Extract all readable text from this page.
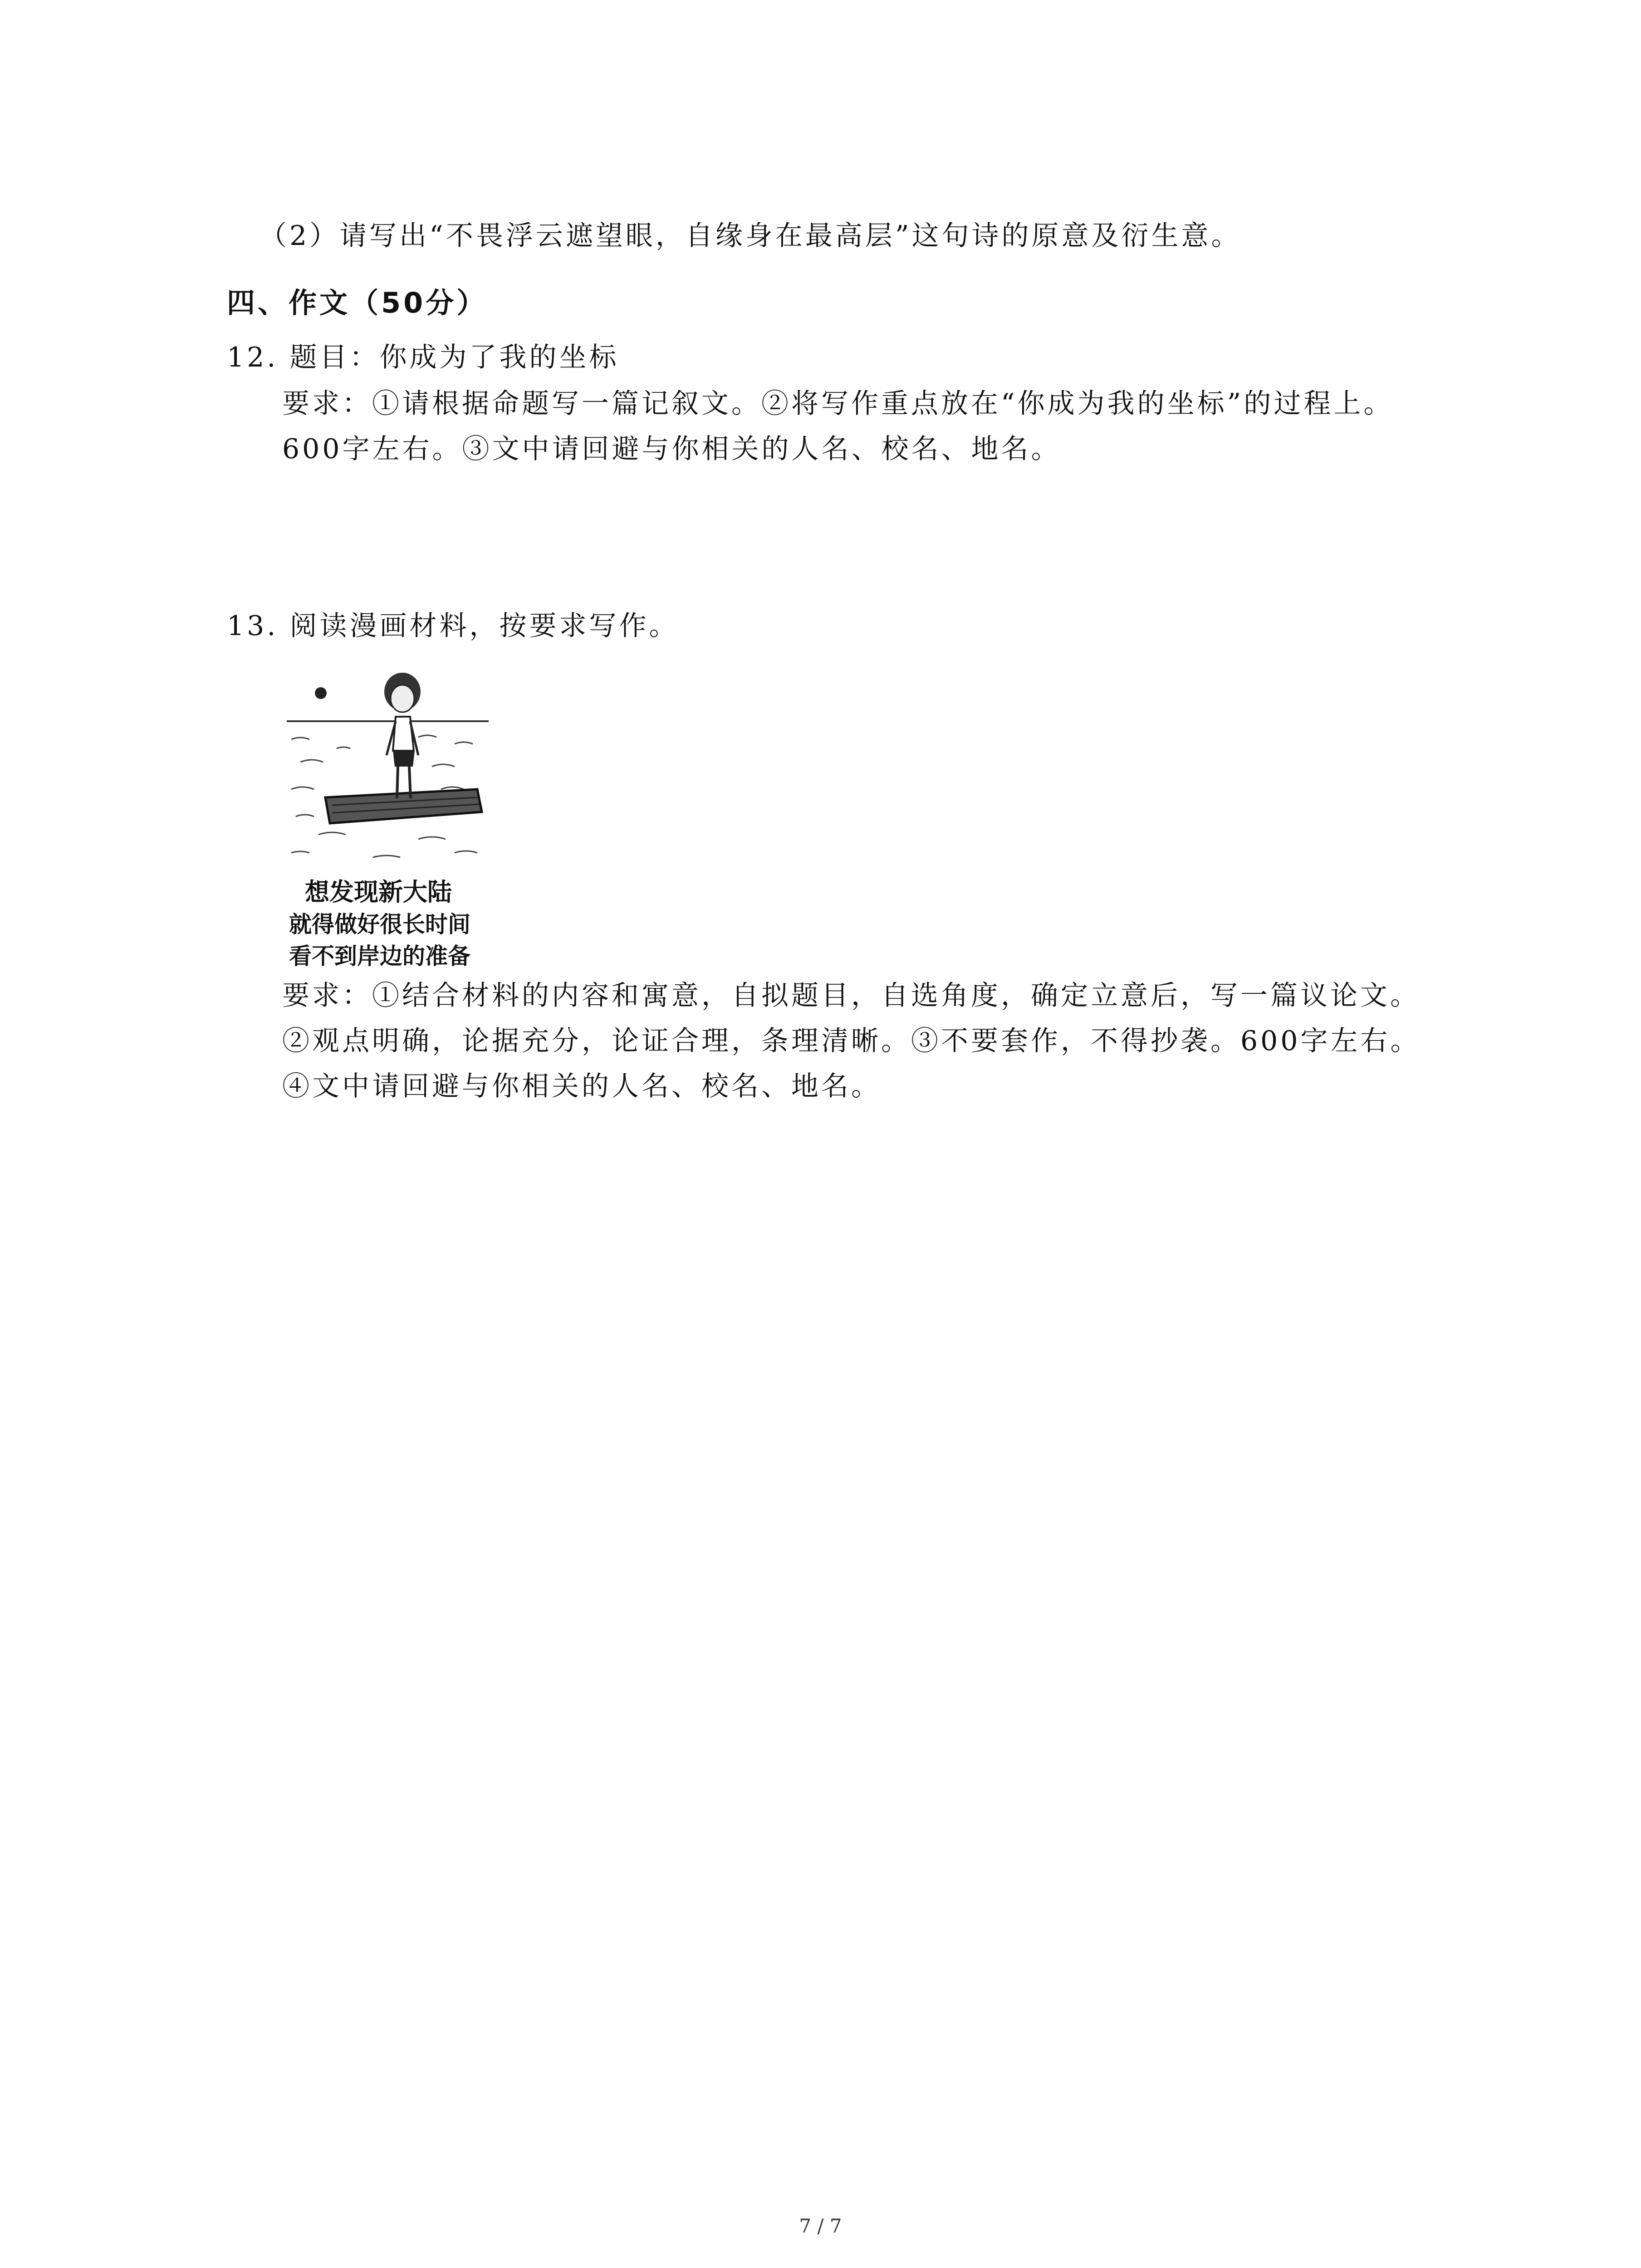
（2）请写出“不畏浮云遮望眼，自缘身在最高层”这句诗的原意及衍生意。
四、作文（50分）
12. 题目：你成为了我的坐标
要求：①请根据命题写一篇记叙文。②将写作重点放在“你成为我的坐标”的过程上。
600字左右。③文中请回避与你相关的人名、校名、地名。
13. 阅读漫画材料，按要求写作。
想发现新大陆
就得做好很长时间
看不到岸边的准备
要求：①结合材料的内容和寓意，自拟题目，自选角度，确定立意后，写一篇议论文。
②观点明确，论据充分，论证合理，条理清晰。③不要套作，不得抄袭。600字左右。
④文中请回避与你相关的人名、校名、地名。
7 / 7
